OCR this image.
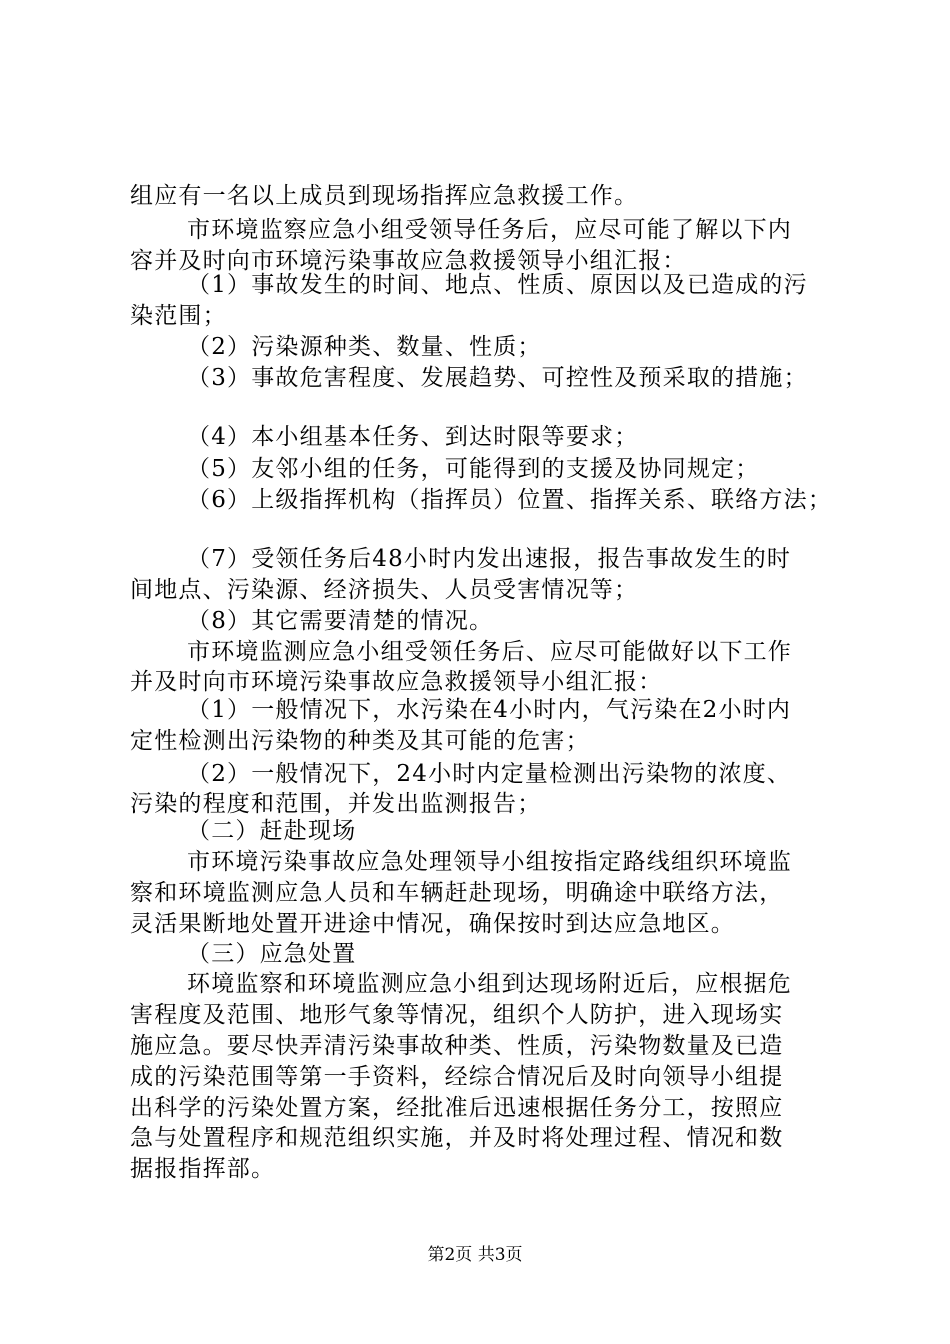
组应有一名以上成员到现场指挥应急救援工作。
市环境监察应急小组受领导任务后，应尽可能了解以下内
容并及时向市环境污染事故应急救援领导小组汇报：
（1）事故发生的时间、地点、性质、原因以及已造成的污
染范围；
（2）污染源种类、数量、性质；
（3）事故危害程度、发展趋势、可控性及预采取的措施；
（4）本小组基本任务、到达时限等要求；
（5）友邻小组的任务，可能得到的支援及协同规定；
（6）上级指挥机构（指挥员）位置、指挥关系、联络方法；
（7）受领任务后48小时内发出速报，报告事故发生的时
间地点、污染源、经济损失、人员受害情况等；
（8）其它需要清楚的情况。
市环境监测应急小组受领任务后、应尽可能做好以下工作
并及时向市环境污染事故应急救援领导小组汇报：
（1）一般情况下，水污染在4小时内，气污染在2小时内
定性检测出污染物的种类及其可能的危害；
（2）一般情况下，24小时内定量检测出污染物的浓度、
污染的程度和范围，并发出监测报告；
（二）赶赴现场
市环境污染事故应急处理领导小组按指定路线组织环境监
察和环境监测应急人员和车辆赶赴现场，明确途中联络方法，
灵活果断地处置开进途中情况，确保按时到达应急地区。
（三）应急处置
环境监察和环境监测应急小组到达现场附近后，应根据危
害程度及范围、地形气象等情况，组织个人防护，进入现场实
施应急。要尽快弄清污染事故种类、性质，污染物数量及已造
成的污染范围等第一手资料，经综合情况后及时向领导小组提
出科学的污染处置方案，经批准后迅速根据任务分工，按照应
急与处置程序和规范组织实施，并及时将处理过程、情况和数
据报指挥部。
第2页 共3页
